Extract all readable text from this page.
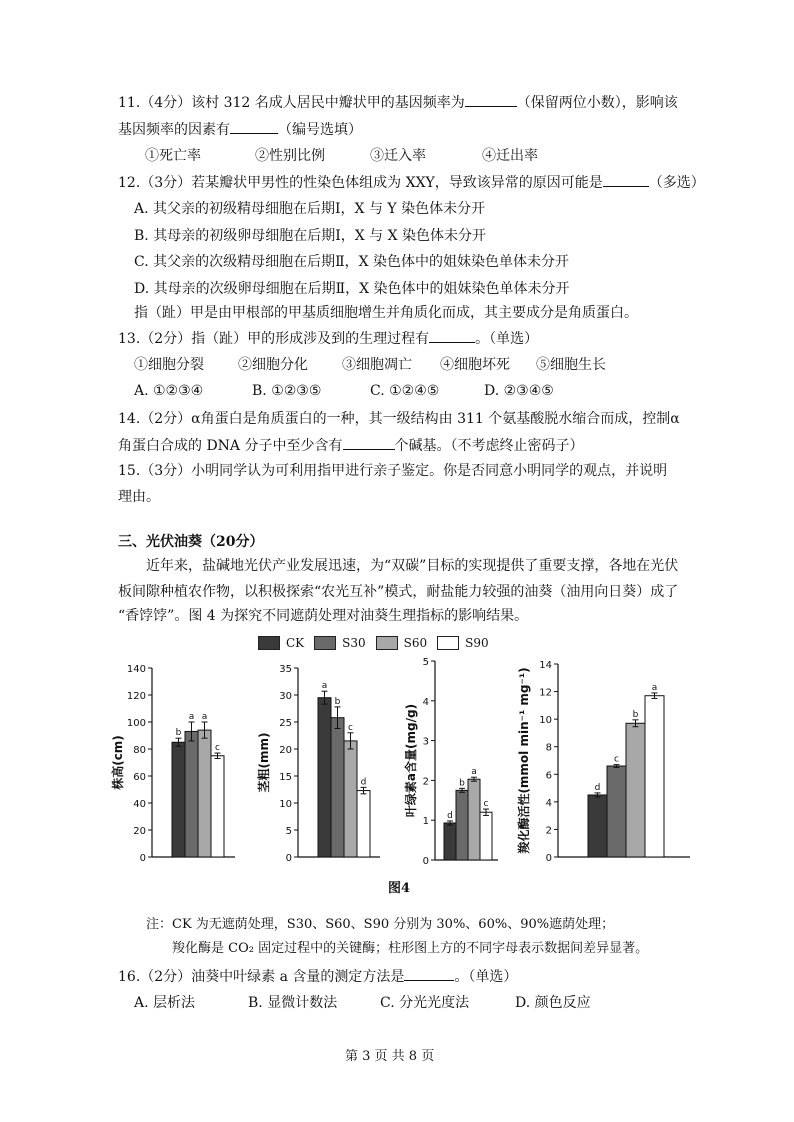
11.（4分）该村 312 名成人居民中瓣状甲的基因频率为	（保留两位小数），影响该
基因频率的因素有	（编号选填）
①死亡率	②性别比例	③迁入率	④迁出率
12.（3分）若某瓣状甲男性的性染色体组成为 XXY，导致该异常的原因可能是	（多选）
A. 其父亲的初级精母细胞在后期Ⅰ，X 与 Y 染色体未分开
B. 其母亲的初级卵母细胞在后期Ⅰ，X 与 X 染色体未分开
C. 其父亲的次级精母细胞在后期Ⅱ，X 染色体中的姐妹染色单体未分开
D. 其母亲的次级卵母细胞在后期Ⅱ，X 染色体中的姐妹染色单体未分开
指（趾）甲是由甲根部的甲基质细胞增生并角质化而成，其主要成分是角质蛋白。
13.（2分）指（趾）甲的形成涉及到的生理过程有	。（单选）
①细胞分裂 ②细胞分化 ③细胞凋亡 ④细胞坏死 ⑤细胞生长
A. ①②③④	B. ①②③⑤	C. ①②④⑤	D. ②③④⑤
14.（2分）α角蛋白是角质蛋白的一种，其一级结构由 311 个氨基酸脱水缩合而成，控制α
角蛋白合成的 DNA 分子中至少含有	个碱基。（不考虑终止密码子）
15.（3分）小明同学认为可利用指甲进行亲子鉴定。你是否同意小明同学的观点，并说明
理由。
三、光伏油葵（20分）
近年来，盐碱地光伏产业发展迅速，为“双碳”目标的实现提供了重要支撑，各地在光伏
板间隙种植农作物，以积极探索“农光互补”模式，耐盐能力较强的油葵（油用向日葵）成了
“香饽饽”。图 4 为探究不同遮荫处理对油葵生理指标的影响结果。
CK	S30	S60	S90
0
20
40
60
80
100
120
140
株高(cm)
b
a a
c
0
5
10
15
20
25
30
35
茎粗(mm)
a
b
c
d
0
1
2
3
4
5
叶绿素a含量(mg/g)	d
b
a
c
0
2
4
6
8
10
12
14
羧化酶活性(mmol min⁻¹ mg⁻¹)	d
c
b
a
图4
注：CK 为无遮荫处理，S30、S60、S90 分别为 30%、60%、90%遮荫处理；
羧化酶是 CO₂ 固定过程中的关键酶；柱形图上方的不同字母表示数据间差异显著。
16.（2分）油葵中叶绿素 a 含量的测定方法是	。（单选）
A. 层析法	B. 显微计数法	C. 分光光度法	D. 颜色反应
第 3 页 共 8 页
